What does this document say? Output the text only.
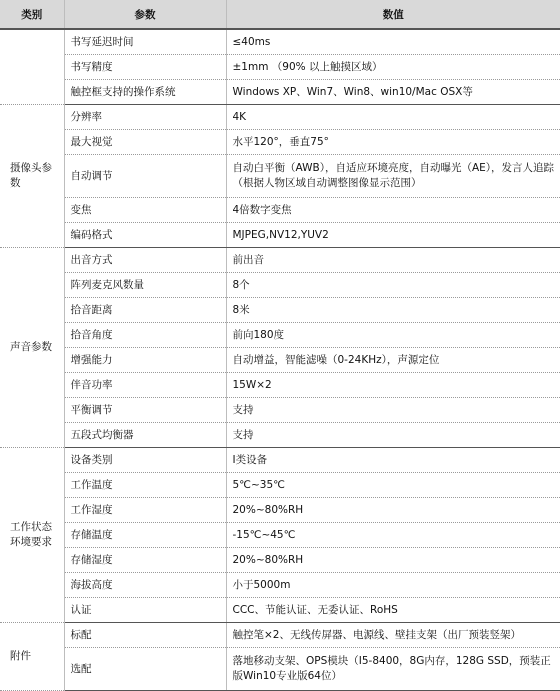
类别	参数	数值
	书写延迟时间	≤40ms
	书写精度	±1mm （90% 以上触摸区域）
	触控框支持的操作系统	Windows XP、Win7、Win8、win10/Mac OSX等
摄像头参数	分辨率	4K
	最大视觉	水平120°，垂直75°
	自动调节	自动白平衡（AWB），自适应环境亮度，自动曝光（AE），发言人追踪（根据人物区域自动调整图像显示范围）
	变焦	4倍数字变焦
	编码格式	MJPEG,NV12,YUV2
声音参数	出音方式	前出音
	阵列麦克风数量	8个
	拾音距离	8米
	拾音角度	前向180度
	增强能力	自动增益，智能滤噪（0-24KHz），声源定位
	伴音功率	15W×2
	平衡调节	支持
	五段式均衡器	支持
工作状态环境要求	设备类别	Ⅰ类设备
	工作温度	5℃~35℃
	工作湿度	20%~80%RH
	存储温度	-15℃~45℃
	存储湿度	20%~80%RH
	海拔高度	小于5000m
	认证	CCC、节能认证、无委认证、RoHS
附件	标配	触控笔×2、无线传屏器、电源线、壁挂支架（出厂预装竖架）
	选配	落地移动支架、OPS模块（I5-8400，8G内存，128G SSD，预装正版Win10专业版64位）
